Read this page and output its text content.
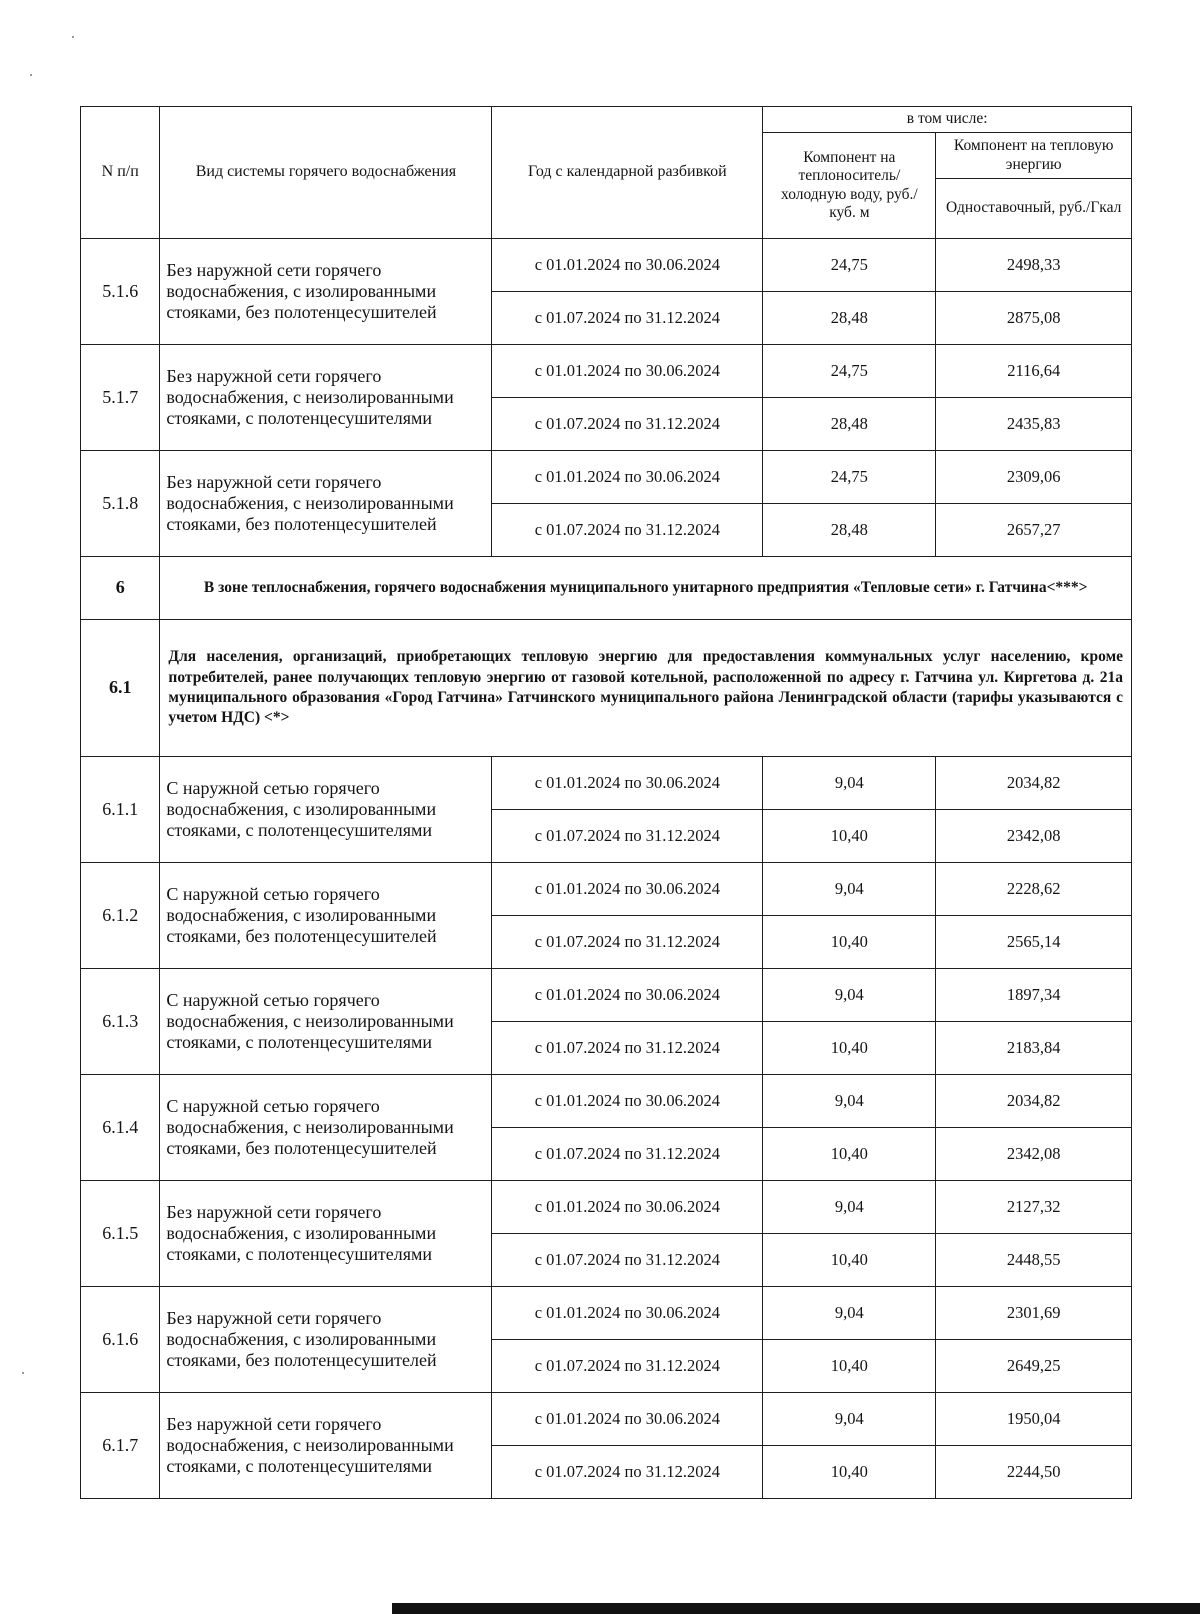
N п/п	Вид системы горячего водоснабжения	Год с календарной разбивкой	в том числе:	
			Компонент на теплоноситель/ холодную воду, руб./куб. м	Компонент на тепловую энергию
				Одноставочный, руб./Гкал
5.1.6	Без наружной сети горячего водоснабжения, с изолированными стояками, без полотенцесушителей	с 01.01.2024 по 30.06.2024	24,75	2498,33
		с 01.07.2024 по 31.12.2024	28,48	2875,08
5.1.7	Без наружной сети горячего водоснабжения, с неизолированными стояками, с полотенцесушителями	с 01.01.2024 по 30.06.2024	24,75	2116,64
		с 01.07.2024 по 31.12.2024	28,48	2435,83
5.1.8	Без наружной сети горячего водоснабжения, с неизолированными стояками, без полотенцесушителей	с 01.01.2024 по 30.06.2024	24,75	2309,06
		с 01.07.2024 по 31.12.2024	28,48	2657,27
6	В зоне теплоснабжения, горячего водоснабжения муниципального унитарного предприятия «Тепловые сети» г. Гатчина<***>			
6.1	Для населения, организаций, приобретающих тепловую энергию для предоставления коммунальных услуг населению, кроме потребителей, ранее получающих тепловую энергию от газовой котельной, расположенной по адресу г. Гатчина ул. Киргетова д. 21а муниципального образования «Город Гатчина» Гатчинского муниципального района Ленинградской области (тарифы указываются с учетом НДС) <*>			
6.1.1	С наружной сетью горячего водоснабжения, с изолированными стояками, с полотенцесушителями	с 01.01.2024 по 30.06.2024	9,04	2034,82
		с 01.07.2024 по 31.12.2024	10,40	2342,08
6.1.2	С наружной сетью горячего водоснабжения, с изолированными стояками, без полотенцесушителей	с 01.01.2024 по 30.06.2024	9,04	2228,62
		с 01.07.2024 по 31.12.2024	10,40	2565,14
6.1.3	С наружной сетью горячего водоснабжения, с неизолированными стояками, с полотенцесушителями	с 01.01.2024 по 30.06.2024	9,04	1897,34
		с 01.07.2024 по 31.12.2024	10,40	2183,84
6.1.4	С наружной сетью горячего водоснабжения, с неизолированными стояками, без полотенцесушителей	с 01.01.2024 по 30.06.2024	9,04	2034,82
		с 01.07.2024 по 31.12.2024	10,40	2342,08
6.1.5	Без наружной сети горячего водоснабжения, с изолированными стояками, с полотенцесушителями	с 01.01.2024 по 30.06.2024	9,04	2127,32
		с 01.07.2024 по 31.12.2024	10,40	2448,55
6.1.6	Без наружной сети горячего водоснабжения, с изолированными стояками, без полотенцесушителей	с 01.01.2024 по 30.06.2024	9,04	2301,69
		с 01.07.2024 по 31.12.2024	10,40	2649,25
6.1.7	Без наружной сети горячего водоснабжения, с неизолированными стояками, с полотенцесушителями	с 01.01.2024 по 30.06.2024	9,04	1950,04
		с 01.07.2024 по 31.12.2024	10,40	2244,50
